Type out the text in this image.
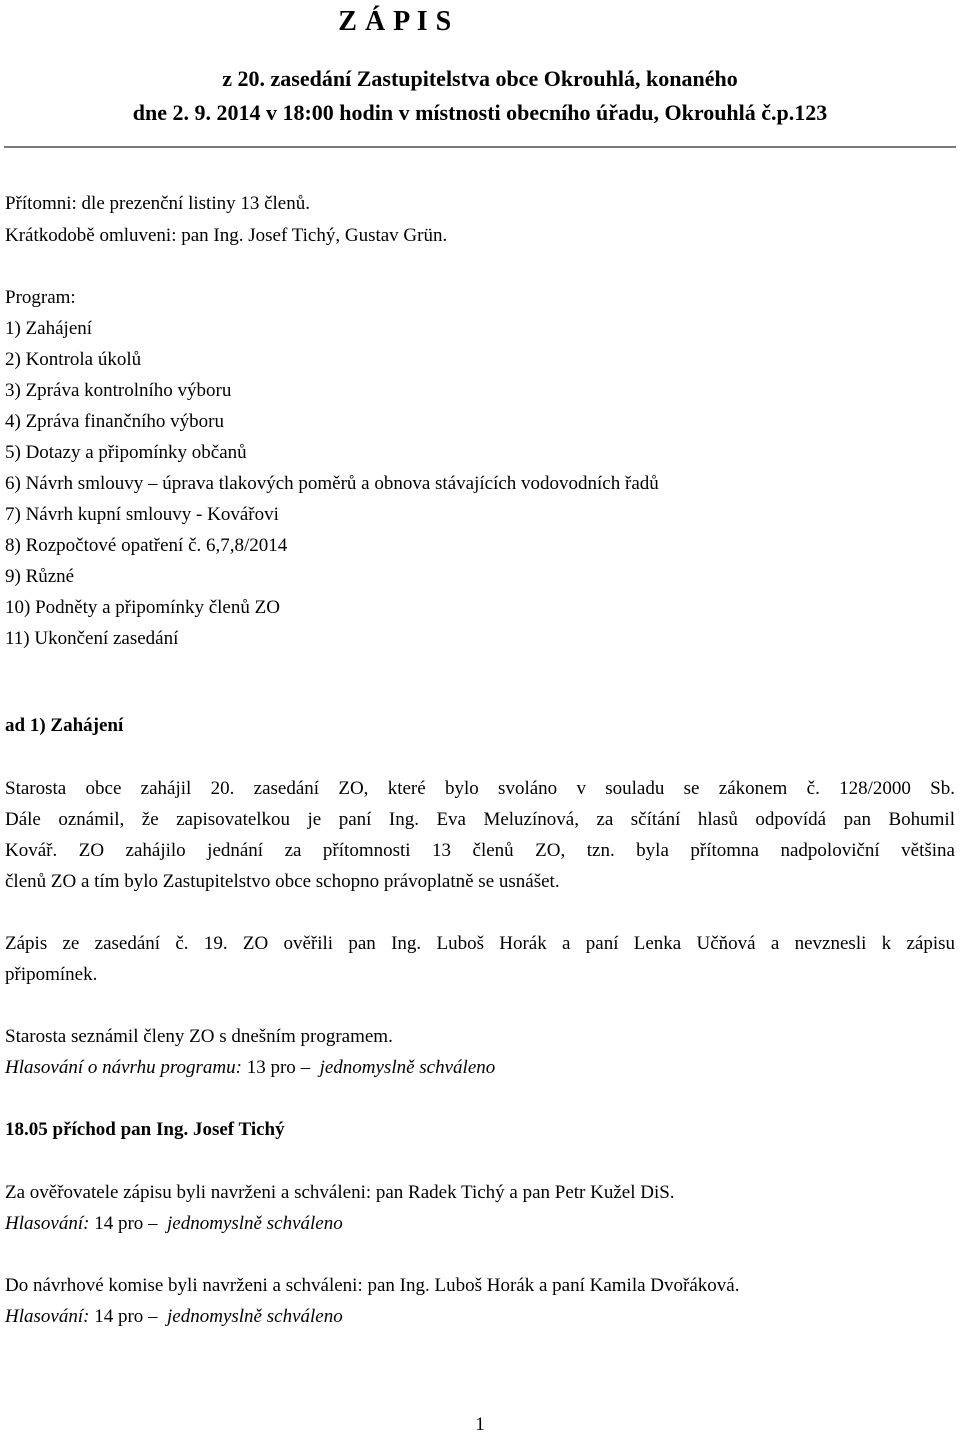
Z Á P I S
z 20. zasedání Zastupitelstva obce Okrouhlá, konaného
dne 2. 9. 2014 v 18:00 hodin v místnosti obecního úřadu, Okrouhlá č.p.123
Přítomni: dle prezenční listiny 13 členů.
Krátkodobě omluveni: pan Ing. Josef Tichý, Gustav Grün.
Program:
1) Zahájení
2) Kontrola úkolů
3) Zpráva kontrolního výboru
4) Zpráva finančního výboru
5) Dotazy a připomínky občanů
6) Návrh smlouvy – úprava tlakových poměrů a obnova stávajících vodovodních řadů
7) Návrh kupní smlouvy - Kovářovi
8) Rozpočtové opatření č. 6,7,8/2014
9) Různé
10) Podněty a připomínky členů ZO
11) Ukončení zasedání
ad 1) Zahájení
Starosta obce zahájil 20. zasedání ZO, které bylo svoláno v souladu se zákonem č. 128/2000 Sb.
Dále oznámil, že zapisovatelkou je paní Ing. Eva Meluzínová, za sčítání hlasů odpovídá pan Bohumil
Kovář. ZO zahájilo jednání za přítomnosti 13 členů ZO, tzn. byla přítomna nadpoloviční většina
členů ZO a tím bylo Zastupitelstvo obce schopno právoplatně se usnášet.
Zápis ze zasedání č. 19. ZO ověřili pan Ing. Luboš Horák a paní Lenka Učňová a nevznesli k zápisu
připomínek.
Starosta seznámil členy ZO s dnešním programem.
Hlasování o návrhu programu: 13 pro – jednomyslně schváleno
18.05 příchod pan Ing. Josef Tichý
Za ověřovatele zápisu byli navrženi a schváleni: pan Radek Tichý a pan Petr Kužel DiS.
Hlasování: 14 pro – jednomyslně schváleno
Do návrhové komise byli navrženi a schváleni: pan Ing. Luboš Horák a paní Kamila Dvořáková.
Hlasování: 14 pro – jednomyslně schváleno
1
